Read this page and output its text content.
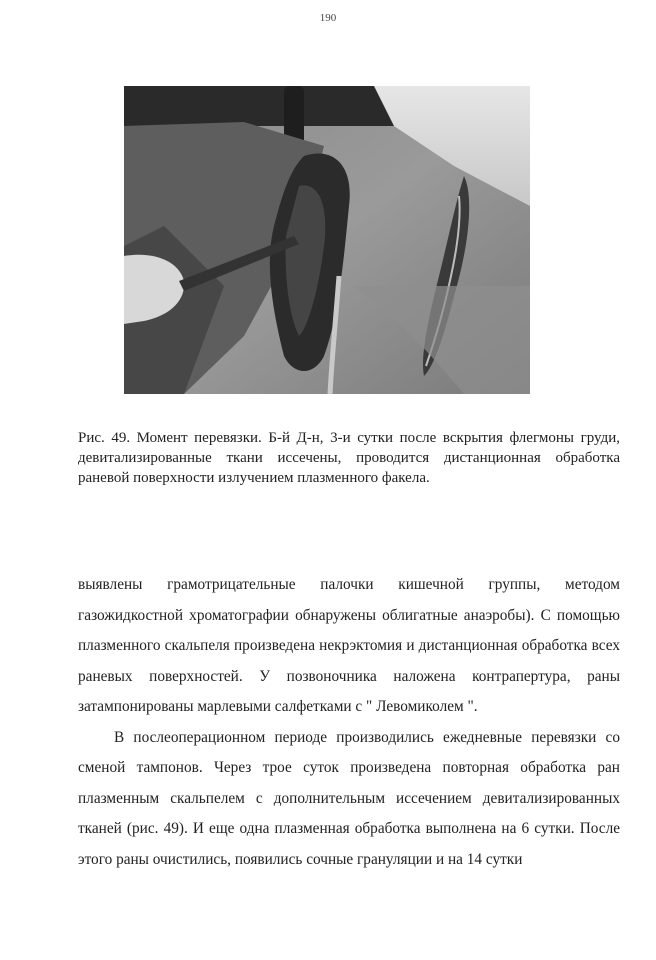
190

Рис. 49. Момент перевязки. Б-й Д-н, 3-и сутки после вскрытия флегмоны груди, девитализированные ткани иссечены, проводится дистанционная обработка раневой поверхности излучением плазменного факела.

выявлены грамотрицательные палочки кишечной группы, методом газожидкостной хроматографии обнаружены облигатные анаэробы). С помощью плазменного скальпеля произведена некрэктомия и дистанционная обработка всех раневых поверхностей. У позвоночника наложена контрапертура, раны затампонированы марлевыми салфетками с " Левомиколем ".

В послеоперационном периоде производились ежедневные перевязки со сменой тампонов. Через трое суток произведена повторная обработка ран плазменным скальпелем с дополнительным иссечением девитализированных тканей (рис. 49). И еще одна плазменная обработка выполнена на 6 сутки. После этого раны очистились, появились сочные грануляции и на 14 сутки
